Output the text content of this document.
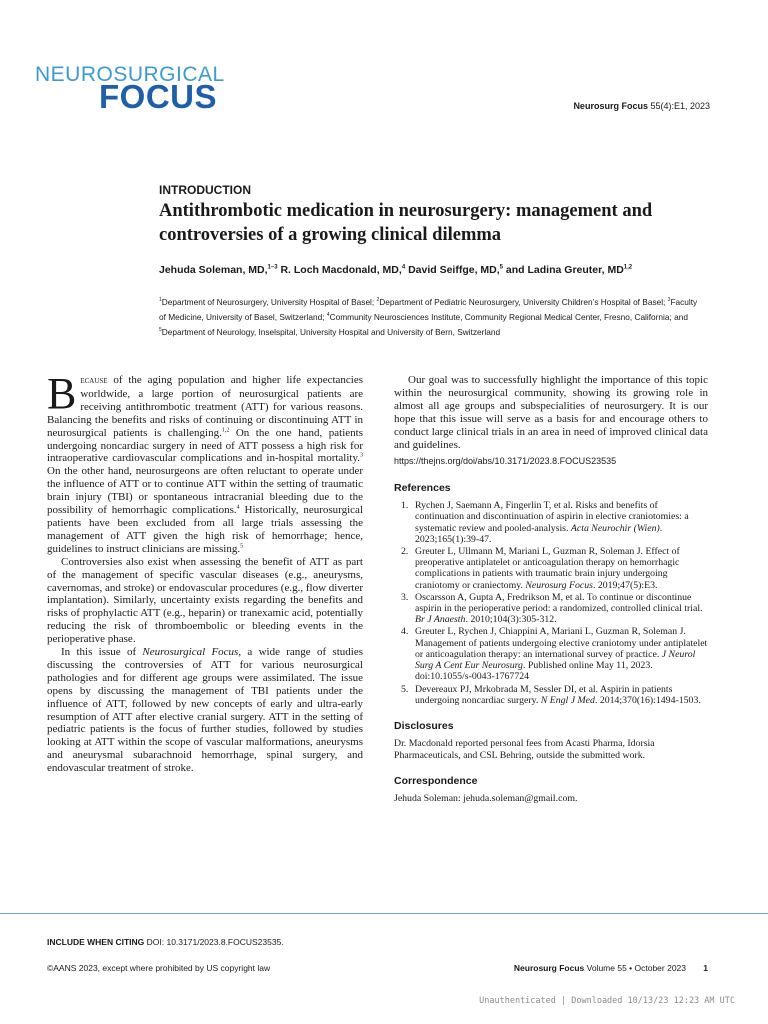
NEUROSURGICAL
FOCUS	Neurosurg Focus 55(4):E1, 2023
INTRODUCTION
Antithrombotic medication in neurosurgery: management and controversies of a growing clinical dilemma
Jehuda Soleman, MD,$^{1-3}$ R. Loch Macdonald, MD,$^4$ David Seiffge, MD,$^5$ and Ladina Greuter, MD$^{1,2}$
$^1$Department of Neurosurgery, University Hospital of Basel; $^2$Department of Pediatric Neurosurgery, University Children’s Hospital of Basel; $^3$Faculty of Medicine, University of Basel, Switzerland; $^4$Community Neurosciences Institute, Community Regional Medical Center, Fresno, California; and $^5$Department of Neurology, Inselspital, University Hospital and University of Bern, Switzerland

Because of the aging population and higher life expectancies worldwide, a large portion of neurosurgical patients are receiving antithrombotic treatment (ATT) for various reasons. Balancing the benefits and risks of continuing or discontinuing ATT in neurosurgical patients is challenging.$^{1,2}$ On the one hand, patients undergoing noncardiac surgery in need of ATT possess a high risk for intraoperative cardiovascular complications and in-hospital mortality.$^3$ On the other hand, neurosurgeons are often reluctant to operate under the influence of ATT or to continue ATT within the setting of traumatic brain injury (TBI) or spontaneous intracranial bleeding due to the possibility of hemorrhagic complications.$^4$ Historically, neurosurgical patients have been excluded from all large trials assessing the management of ATT given the high risk of hemorrhage; hence, guidelines to instruct clinicians are missing.$^5$

Controversies also exist when assessing the benefit of ATT as part of the management of specific vascular diseases (e.g., aneurysms, cavernomas, and stroke) or endovascular procedures (e.g., flow diverter implantation). Similarly, uncertainty exists regarding the benefits and risks of prophylactic ATT (e.g., heparin) or tranexamic acid, potentially reducing the risk of thromboembolic or bleeding events in the perioperative phase.

In this issue of Neurosurgical Focus, a wide range of studies discussing the controversies of ATT for various neurosurgical pathologies and for different age groups were assimilated. The issue opens by discussing the management of TBI patients under the influence of ATT, followed by new concepts of early and ultra-early resumption of ATT after elective cranial surgery. ATT in the setting of pediatric patients is the focus of further studies, followed by studies looking at ATT within the scope of vascular malformations, aneurysms and aneurysmal subarachnoid hemorrhage, spinal surgery, and endovascular treatment of stroke.

Our goal was to successfully highlight the importance of this topic within the neurosurgical community, showing its growing role in almost all age groups and subspecialities of neurosurgery. It is our hope that this issue will serve as a basis for and encourage others to conduct large clinical trials in an area in need of improved clinical data and guidelines.

https://thejns.org/doi/abs/10.3171/2023.8.FOCUS23535
References
1. Rychen J, Saemann A, Fingerlin T, et al. Risks and benefits of continuation and discontinuation of aspirin in elective craniotomies: a systematic review and pooled-analysis. Acta Neurochir (Wien). 2023;165(1):39-47.
2. Greuter L, Ullmann M, Mariani L, Guzman R, Soleman J. Effect of preoperative antiplatelet or anticoagulation therapy on hemorrhagic complications in patients with traumatic brain injury undergoing craniotomy or craniectomy. Neurosurg Focus. 2019;47(5):E3.
3. Oscarsson A, Gupta A, Fredrikson M, et al. To continue or discontinue aspirin in the perioperative period: a randomized, controlled clinical trial. Br J Anaesth. 2010;104(3):305-312.
4. Greuter L, Rychen J, Chiappini A, Mariani L, Guzman R, Soleman J. Management of patients undergoing elective craniotomy under antiplatelet or anticoagulation therapy: an international survey of practice. J Neurol Surg A Cent Eur Neurosurg. Published online May 11, 2023. doi:10.1055/s-0043-1767724
5. Devereaux PJ, Mrkobrada M, Sessler DI, et al. Aspirin in patients undergoing noncardiac surgery. N Engl J Med. 2014;370(16):1494-1503.
Disclosures
Dr. Macdonald reported personal fees from Acasti Pharma, Idorsia Pharmaceuticals, and CSL Behring, outside the submitted work.
Correspondence
Jehuda Soleman: jehuda.soleman@gmail.com.
INCLUDE WHEN CITING DOI: 10.3171/2023.8.FOCUS23535.
©AANS 2023, except where prohibited by US copyright law	Neurosurg Focus Volume 55 • October 2023 1
Unauthenticated | Downloaded 10/13/23 12:23 AM UTC
